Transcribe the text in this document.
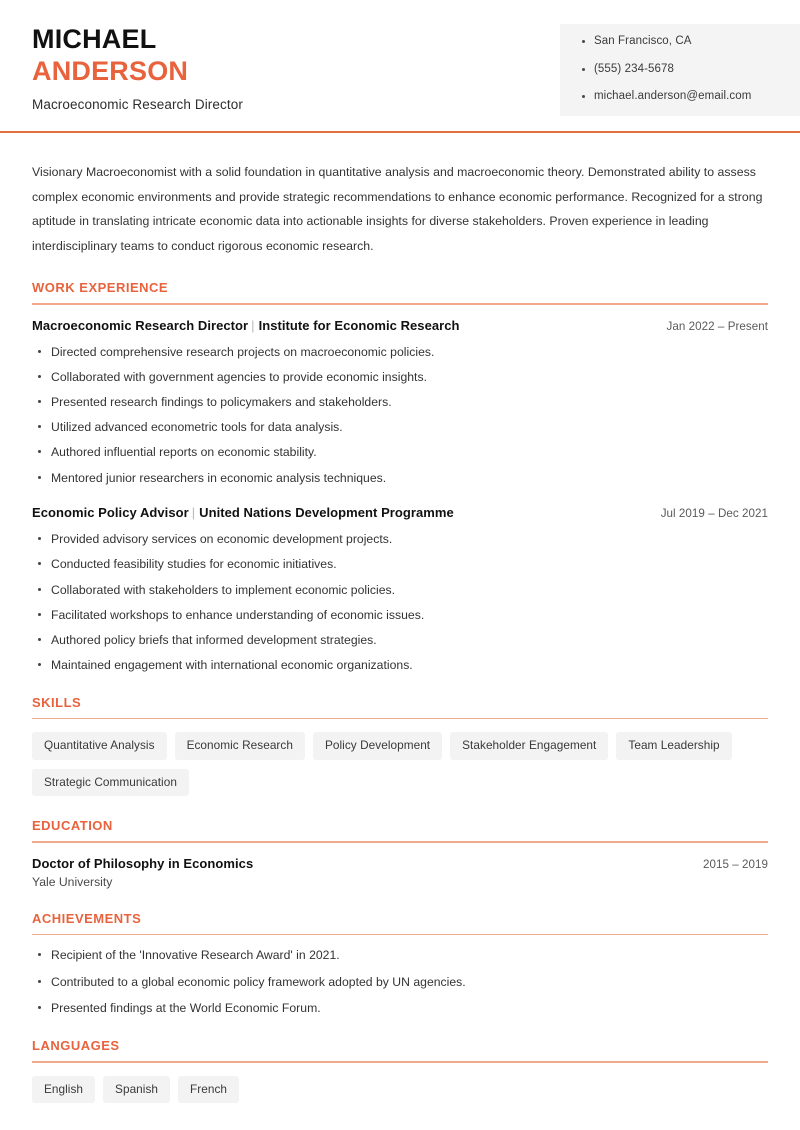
MICHAEL
ANDERSON
Macroeconomic Research Director
San Francisco, CA
(555) 234-5678
michael.anderson@email.com
Visionary Macroeconomist with a solid foundation in quantitative analysis and macroeconomic theory. Demonstrated ability to assess complex economic environments and provide strategic recommendations to enhance economic performance. Recognized for a strong aptitude in translating intricate economic data into actionable insights for diverse stakeholders. Proven experience in leading interdisciplinary teams to conduct rigorous economic research.
WORK EXPERIENCE
Macroeconomic Research Director | Institute for Economic Research	Jan 2022 – Present
Directed comprehensive research projects on macroeconomic policies.
Collaborated with government agencies to provide economic insights.
Presented research findings to policymakers and stakeholders.
Utilized advanced econometric tools for data analysis.
Authored influential reports on economic stability.
Mentored junior researchers in economic analysis techniques.
Economic Policy Advisor | United Nations Development Programme	Jul 2019 – Dec 2021
Provided advisory services on economic development projects.
Conducted feasibility studies for economic initiatives.
Collaborated with stakeholders to implement economic policies.
Facilitated workshops to enhance understanding of economic issues.
Authored policy briefs that informed development strategies.
Maintained engagement with international economic organizations.
SKILLS
Quantitative Analysis	Economic Research	Policy Development	Stakeholder Engagement	Team Leadership
Strategic Communication
EDUCATION
Doctor of Philosophy in Economics	2015 – 2019
Yale University
ACHIEVEMENTS
Recipient of the 'Innovative Research Award' in 2021.
Contributed to a global economic policy framework adopted by UN agencies.
Presented findings at the World Economic Forum.
LANGUAGES
English	Spanish	French
